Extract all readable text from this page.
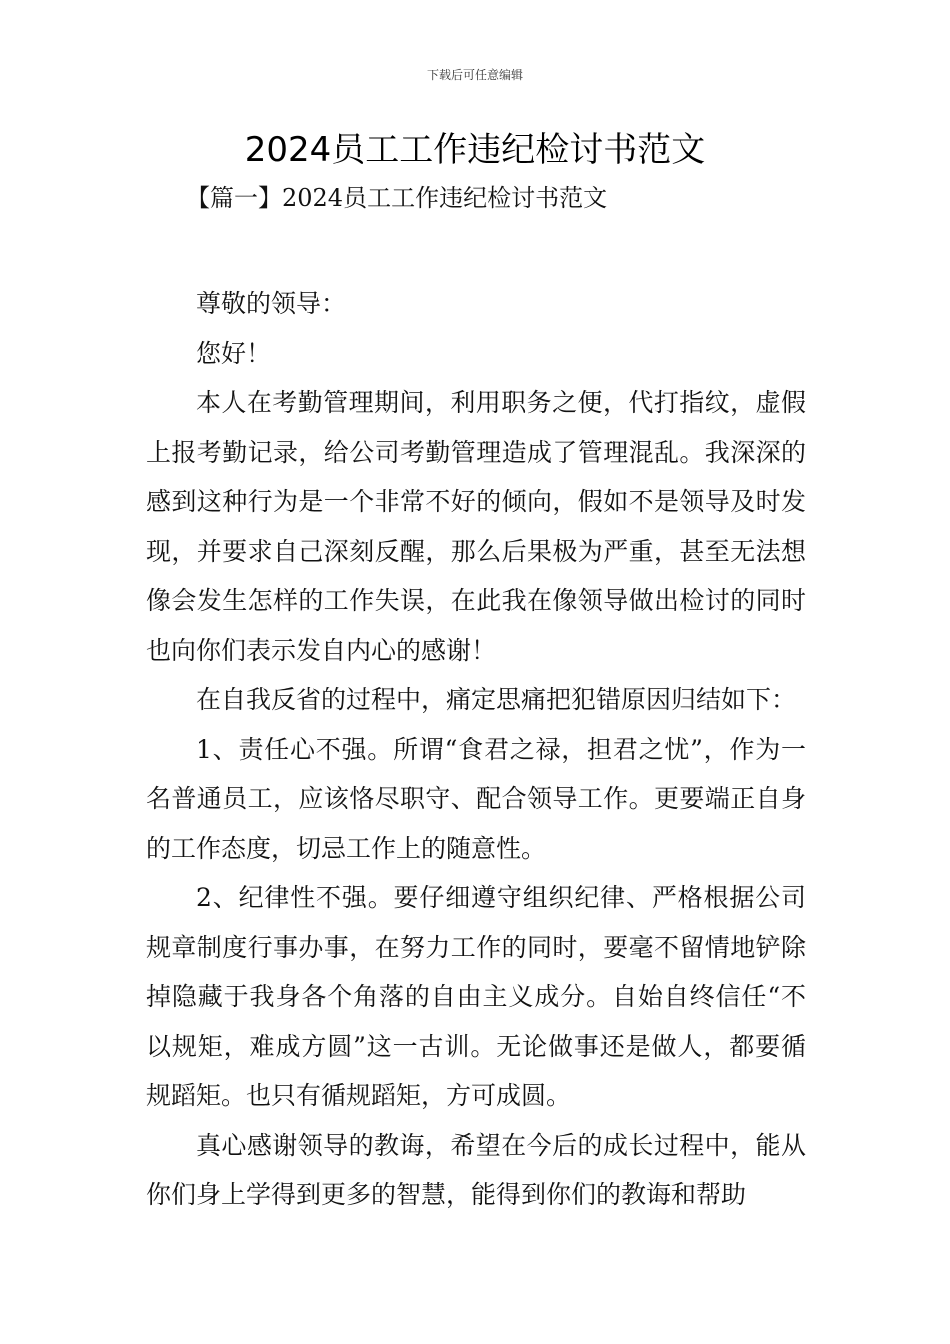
下载后可任意编辑
2024员工工作违纪检讨书范文
【篇一】2024员工工作违纪检讨书范文

尊敬的领导：

您好！

本人在考勤管理期间，利用职务之便，代打指纹，虚假上报考勤记录，给公司考勤管理造成了管理混乱。我深深的感到这种行为是一个非常不好的倾向，假如不是领导及时发现，并要求自己深刻反醒，那么后果极为严重，甚至无法想像会发生怎样的工作失误，在此我在像领导做出检讨的同时也向你们表示发自内心的感谢！

在自我反省的过程中，痛定思痛把犯错原因归结如下：

1、责任心不强。所谓“食君之禄，担君之忧”，作为一名普通员工，应该恪尽职守、配合领导工作。更要端正自身的工作态度，切忌工作上的随意性。

2、纪律性不强。要仔细遵守组织纪律、严格根据公司规章制度行事办事，在努力工作的同时，要毫不留情地铲除掉隐藏于我身各个角落的自由主义成分。自始自终信任“不以规矩，难成方圆”这一古训。无论做事还是做人，都要循规蹈矩。也只有循规蹈矩，方可成圆。

真心感谢领导的教诲，希望在今后的成长过程中，能从你们身上学得到更多的智慧，能得到你们的教诲和帮助
